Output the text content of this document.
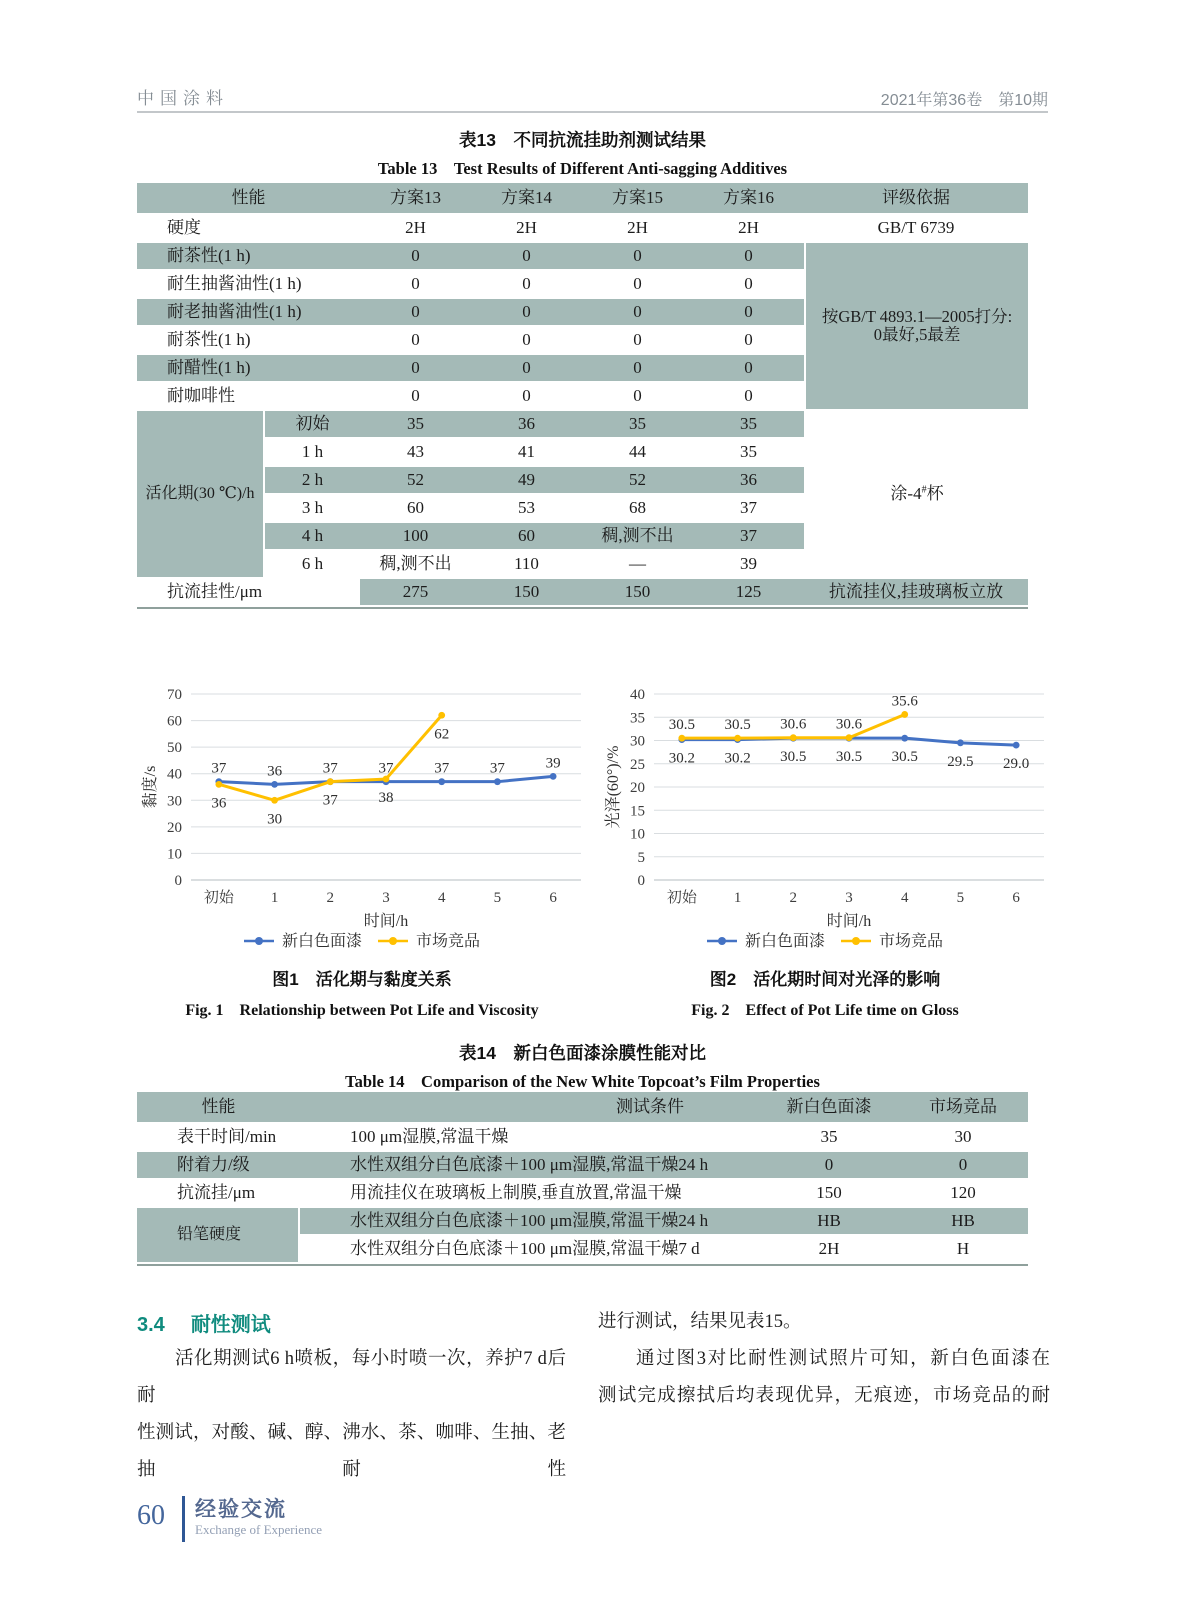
中国涂料	2021年第36卷　第10期
表13　不同抗流挂助剂测试结果
Table 13　Test Results of Different Anti-sagging Additives
性能		方案13	方案14	方案15	方案16	评级依据
硬度		2H	2H	2H	2H	GB/T 6739
耐茶性(1 h)		0	0	0	0	按GB/T 4893.1—2005打分:
0最好,5最差

耐生抽酱油性(1 h)		0	0	0	0	
耐老抽酱油性(1 h)		0	0	0	0	
耐茶性(1 h)		0	0	0	0	
耐醋性(1 h)		0	0	0	0	
耐咖啡性		0	0	0	0	
活化期(30 ℃)/h	初始	35	36	35	35	涂-4#杯
	1 h	43	41	44	35	
	2 h	52	49	52	36	
	3 h	60	53	68	37	
	4 h	100	60	稠,测不出	37	
	6 h	稠,测不出	110	—	39	
抗流挂性/μm		275	150	150	125	抗流挂仪,挂玻璃板立放
0
10
20
30
40
50
60
70
初始 1	2	3	4	5	6
37	36	37	37	37	37	39
36
30
37	38
62
时间/h
黏度/s
新白色面漆	市场竞品
图1　活化期与黏度关系
Fig. 1　Relationship between Pot Life and Viscosity
0
5
10
15
20
25
30
35
40
初始 1	2	3	4	5	6
30.2 30.2 30.5 30.5 30.5 29.5 29.0
30.5 30.5 30.6 30.6
35.6
时间/h
光泽(60°)/%
新白色面漆	市场竞品
图2　活化期时间对光泽的影响
Fig. 2　Effect of Pot Life time on Gloss
表14　新白色面漆涂膜性能对比
Table 14　Comparison of the New White Topcoat’s Film Properties
性能	测试条件	新白色面漆	市场竞品
表干时间/min	100 μm湿膜,常温干燥	35	30
附着力/级	水性双组分白色底漆＋100 μm湿膜,常温干燥24 h	0	0
抗流挂/μm	用流挂仪在玻璃板上制膜,垂直放置,常温干燥	150	120
铅笔硬度	水性双组分白色底漆＋100 μm湿膜,常温干燥24 h	HB	HB
	水性双组分白色底漆＋100 μm湿膜,常温干燥7 d	2H	H
3.4 耐性测试
活化期测试6 h喷板，每小时喷一次，养护7 d后耐
性测试，对酸、碱、醇、沸水、茶、咖啡、生抽、老抽耐性
进行测试，结果见表15。
通过图3对比耐性测试照片可知，新白色面漆在
测试完成擦拭后均表现优异，无痕迹，市场竞品的耐
60 经验交流
Exchange of Experience
